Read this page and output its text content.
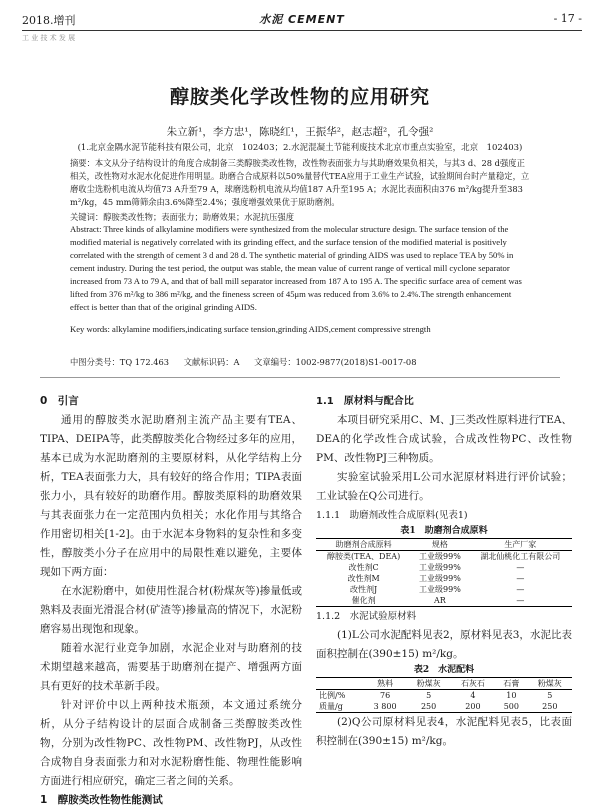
2018.增刊	水泥 CEMENT	- 17 -
工 业 技 术 发 展
醇胺类化学改性物的应用研究
朱立新¹，李方忠¹，陈晓红¹，王振华²，赵志超²，孔令强²
(1.北京金隅水泥节能科技有限公司，北京　102403；2.水泥混凝土节能利废技术北京市重点实验室，北京　102403)
摘要：本文从分子结构设计的角度合成制备三类醇胺类改性物，改性物表面张力与其助磨效果负相关，与其3 d、28 d强度正相关，改性物对水泥水化促进作用明显。助磨合合成原料以50%量替代TEA应用于工业生产试验，试验期间台时产量稳定，立磨收尘选粉机电流从均值73 A升至79 A，球磨选粉机电流从均值187 A升至195 A；水泥比表面积由376 m²/kg提升至383 m²/kg，45 mm筛筛余由3.6%降至2.4%；强度增强效果优于原助磨剂。
关键词：醇胺类改性物；表面张力；助磨效果；水泥抗压强度
Abstract: Three kinds of alkylamine modifiers were synthesized from the molecular structure design. The surface tension of the modified material is negatively correlated with its grinding effect, and the surface tension of the modified material is positively correlated with the strength of cement 3 d and 28 d. The synthetic material of grinding AIDS was used to replace TEA by 50% in cement industry. During the test period, the output was stable, the mean value of current range of vertical mill cyclone separator increased from 73 A to 79 A, and that of ball mill separator increased from 187 A to 195 A. The specific surface area of cement was lifted from 376 m²/kg to 386 m²/kg, and the fineness screen of 45μm was reduced from 3.6% to 2.4%.The strength enhancement effect is better than that of the original grinding AIDS.
Key words: alkylamine modifiers,indicating surface tension,grinding AIDS,cement compressive strength
中图分类号：TQ 172.463 文献标识码：A 文章编号：1002-9877(2018)S1-0017-08
0　引言

通用的醇胺类水泥助磨剂主流产品主要有TEA、TIPA、DEIPA等，此类醇胺类化合物经过多年的应用，基本已成为水泥助磨剂的主要原材料，从化学结构上分析，TEA表面张力大，具有较好的络合作用；TIPA表面张力小，具有较好的助磨作用。醇胺类原料的助磨效果与其表面张力在一定范围内负相关；水化作用与其络合作用密切相关[1-2]。由于水泥本身物料的复杂性和多变性，醇胺类小分子在应用中的局限性难以避免，主要体现如下两方面：

在水泥粉磨中，如使用性混合材(粉煤灰等)掺量低或熟料及表面光滑混合材(矿渣等)掺量高的情况下，水泥粉磨容易出现饱和现象。

随着水泥行业竞争加剧，水泥企业对与助磨剂的技术期望越来越高，需要基于助磨剂在提产、增强两方面具有更好的技术革新手段。

针对评价中以上两种技术瓶颈，本文通过系统分析，从分子结构设计的层面合成制备三类醇胺类改性物，分别为改性物PC、改性物PM、改性物PJ，从改性合成物自身表面张力和对水泥粉磨性能、物理性能影响方面进行相应研究，确定三者之间的关系。

1　醇胺类改性物性能测试
1.1　原材料与配合比

本项目研究采用C、M、J三类改性原料进行TEA、DEA的化学改性合成试验，合成改性物PC、改性物PM、改性物PJ三种物质。

实验室试验采用L公司水泥原材料进行评价试验；工业试验在Q公司进行。

1.1.1　助磨剂改性合成原料(见表1)
表1　助磨剂合成原料
助磨剂合成原料	规格	生产厂家
醇胺类(TEA、DEA)	工业级99%	湖北仙桃化工有限公司
改性剂C	工业级99%	—
改性剂M	工业级99%	—
改性剂J	工业级99%	—
催化剂	AR	—
1.1.2　水泥试验原材料

(1)L公司水泥配料见表2，原材料见表3，水泥比表面积控制在(390±15) m²/kg。

表2　水泥配料
	熟料	粉煤灰	石灰石	石膏	粉煤灰
比例/%	76	5	4	10	5
质量/g	3 800	250	200	500	250

(2)Q公司原材料见表4，水泥配料见表5，比表面积控制在(390±15) m²/kg。
